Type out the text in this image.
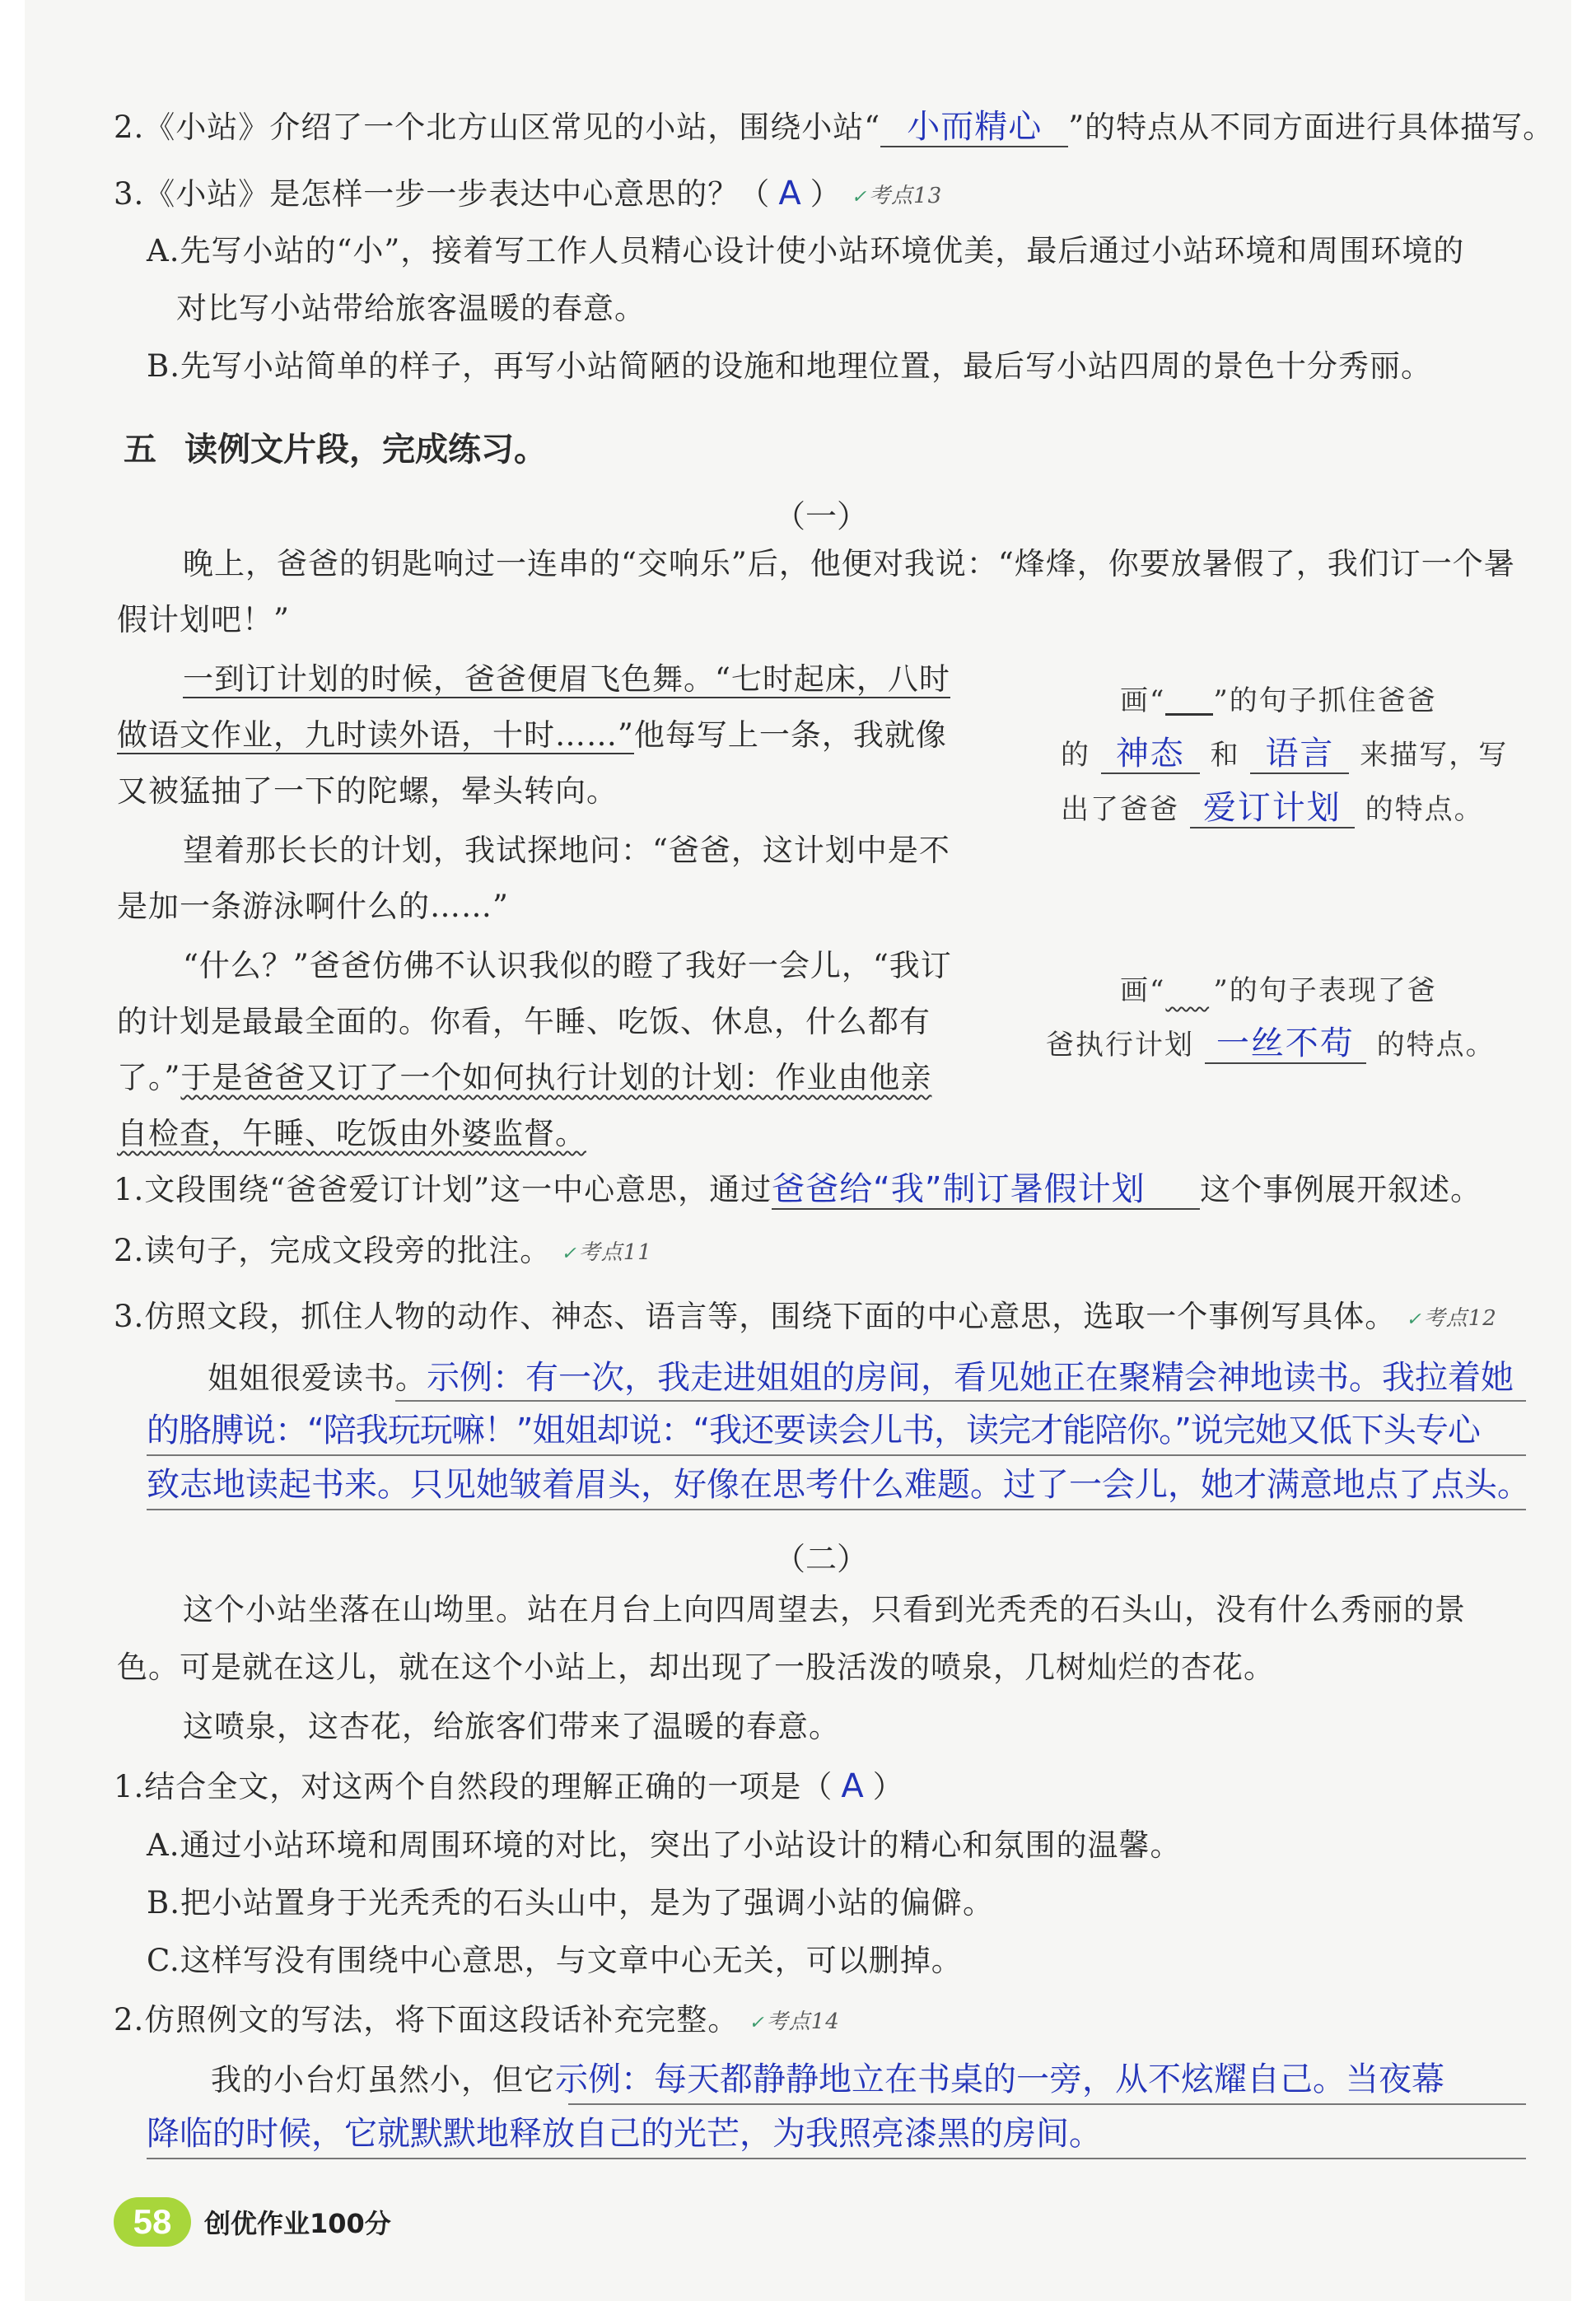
2.《小站》介绍了一个北方山区常见的小站，围绕小站“ 小而精心 ”的特点从不同方面进行具体描写。
3.《小站》是怎样一步一步表达中心意思的？（ A ） ✓考点13
A.先写小站的“小”，接着写工作人员精心设计使小站环境优美，最后通过小站环境和周围环境的
对比写小站带给旅客温暖的春意。
B.先写小站简单的样子，再写小站简陋的设施和地理位置，最后写小站四周的景色十分秀丽。
五 读例文片段，完成练习。
（一）
晚上，爸爸的钥匙响过一连串的“交响乐”后，他便对我说：“烽烽，你要放暑假了，我们订一个暑
假计划吧！”
一到订计划的时候，爸爸便眉飞色舞。“七时起床，八时
做语文作业，九时读外语，十时……”他每写上一条，我就像
又被猛抽了一下的陀螺，晕头转向。
望着那长长的计划，我试探地问：“爸爸，这计划中是不
是加一条游泳啊什么的……”
“什么？”爸爸仿佛不认识我似的瞪了我好一会儿，“我订
的计划是最最全面的。你看，午睡、吃饭、休息，什么都有
了。”于是爸爸又订了一个如何执行计划的计划：作业由他亲
自检查，午睡、吃饭由外婆监督。
画“ ”的句子抓住爸爸
的 神态 和 语言 来描写，写
出了爸爸 爱订计划 的特点。
画“       ”的句子表现了爸
爸执行计划 一丝不苟 的特点。
1.文段围绕“爸爸爱订计划”这一中心意思，通过爸爸给“我”制订暑假计划 这个事例展开叙述。
2.读句子，完成文段旁的批注。 ✓考点11
3.仿照文段，抓住人物的动作、神态、语言等，围绕下面的中心意思，选取一个事例写具体。 ✓考点12
姐姐很爱读书。示例：有一次，我走进姐姐的房间，看见她正在聚精会神地读书。我拉着她
的胳膊说：“陪我玩玩嘛！”姐姐却说：“我还要读会儿书，读完才能陪你。”说完她又低下头专心
致志地读起书来。只见她皱着眉头，好像在思考什么难题。过了一会儿，她才满意地点了点头。
（二）
这个小站坐落在山坳里。站在月台上向四周望去，只看到光秃秃的石头山，没有什么秀丽的景
色。可是就在这儿，就在这个小站上，却出现了一股活泼的喷泉，几树灿烂的杏花。
这喷泉，这杏花，给旅客们带来了温暖的春意。
1.结合全文，对这两个自然段的理解正确的一项是（ A ）
A.通过小站环境和周围环境的对比，突出了小站设计的精心和氛围的温馨。
B.把小站置身于光秃秃的石头山中，是为了强调小站的偏僻。
C.这样写没有围绕中心意思，与文章中心无关，可以删掉。
2.仿照例文的写法，将下面这段话补充完整。 ✓考点14
我的小台灯虽然小，但它示例：每天都静静地立在书桌的一旁，从不炫耀自己。当夜幕
降临的时候，它就默默地释放自己的光芒，为我照亮漆黑的房间。
58	创优作业100分
